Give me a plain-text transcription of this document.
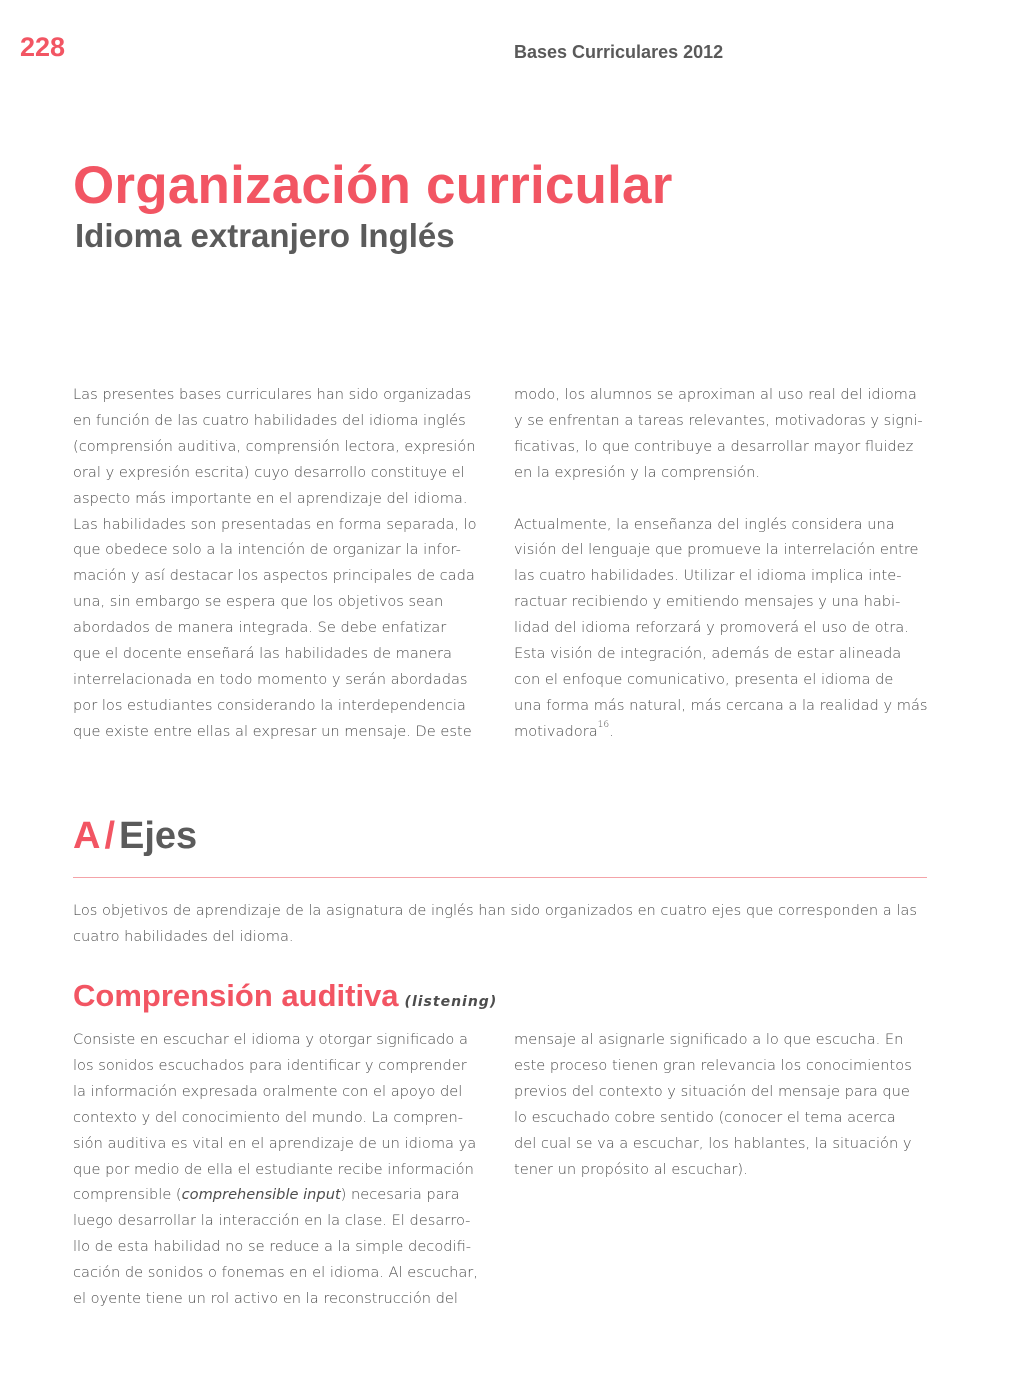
228	Bases Curriculares 2012
Organización curricular
Idioma extranjero Inglés
Las presentes bases curriculares han sido organizadas
en función de las cuatro habilidades del idioma inglés
(comprensión auditiva, comprensión lectora, expresión
oral y expresión escrita) cuyo desarrollo constituye el
aspecto más importante en el aprendizaje del idioma.
Las habilidades son presentadas en forma separada, lo
que obedece solo a la intención de organizar la infor-
mación y así destacar los aspectos principales de cada
una, sin embargo se espera que los objetivos sean
abordados de manera integrada. Se debe enfatizar
que el docente enseñará las habilidades de manera
interrelacionada en todo momento y serán abordadas
por los estudiantes considerando la interdependencia
que existe entre ellas al expresar un mensaje. De este
modo, los alumnos se aproximan al uso real del idioma
y se enfrentan a tareas relevantes, motivadoras y signi-
ficativas, lo que contribuye a desarrollar mayor fluidez
en la expresión y la comprensión.
Actualmente, la enseñanza del inglés considera una
visión del lenguaje que promueve la interrelación entre
las cuatro habilidades. Utilizar el idioma implica inte-
ractuar recibiendo y emitiendo mensajes y una habi-
lidad del idioma reforzará y promoverá el uso de otra.
Esta visión de integración, además de estar alineada
con el enfoque comunicativo, presenta el idioma de
una forma más natural, más cercana a la realidad y más
motivadora$^{16}$.
A / Ejes
Los objetivos de aprendizaje de la asignatura de inglés han sido organizados en cuatro ejes que corresponden a las
cuatro habilidades del idioma.
Comprensión auditiva (listening)
Consiste en escuchar el idioma y otorgar significado a
los sonidos escuchados para identificar y comprender
la información expresada oralmente con el apoyo del
contexto y del conocimiento del mundo. La compren-
sión auditiva es vital en el aprendizaje de un idioma ya
que por medio de ella el estudiante recibe información
comprensible (comprehensible input) necesaria para
luego desarrollar la interacción en la clase. El desarro-
llo de esta habilidad no se reduce a la simple decodifi-
cación de sonidos o fonemas en el idioma. Al escuchar,
el oyente tiene un rol activo en la reconstrucción del
mensaje al asignarle significado a lo que escucha. En
este proceso tienen gran relevancia los conocimientos
previos del contexto y situación del mensaje para que
lo escuchado cobre sentido (conocer el tema acerca
del cual se va a escuchar, los hablantes, la situación y
tener un propósito al escuchar).
